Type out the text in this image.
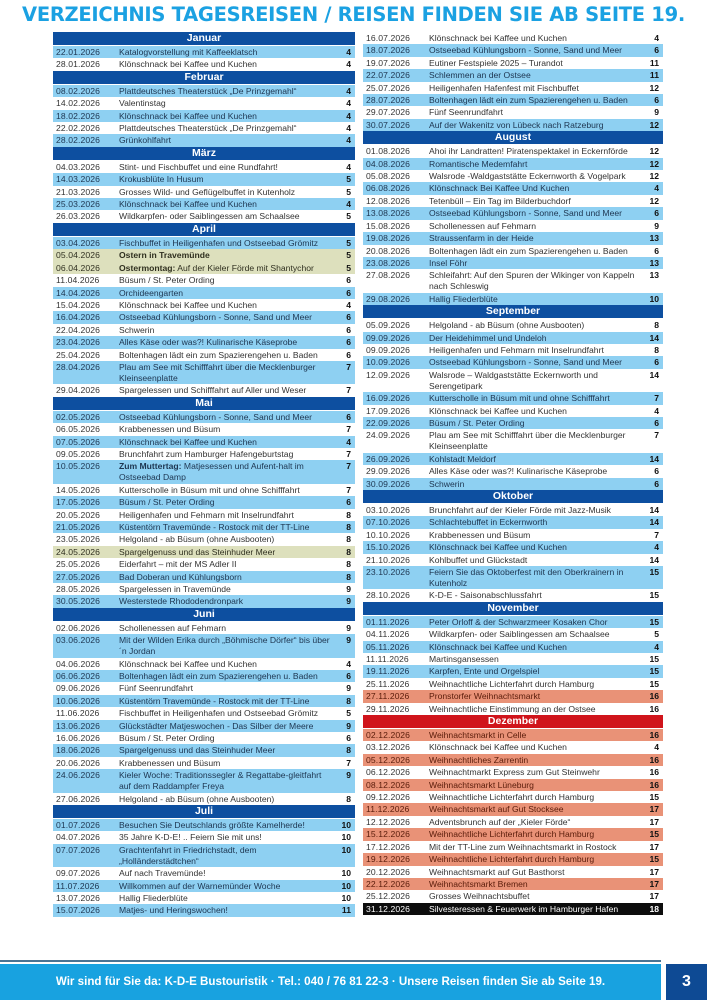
VERZEICHNIS TAGESREISEN / REISEN FINDEN SIE AB SEITE 19.
Januar
22.01.2026	Katalogvorstellung mit Kaffeeklatsch	4
28.01.2026	Klönschnack bei Kaffee und Kuchen	4
Februar
08.02.2026	Plattdeutsches Theaterstück „De Prinzgemahl“	4
14.02.2026	Valentinstag	4
18.02.2026	Klönschnack bei Kaffee und Kuchen	4
22.02.2026	Plattdeutsches Theaterstück „De Prinzgemahl“	4
28.02.2026	Grünkohlfahrt	4
März
04.03.2026	Stint- und Fischbuffet und eine Rundfahrt!	4
14.03.2026	Krokusblüte In Husum	5
21.03.2026	Grosses Wild- und Geflügelbuffet in Kutenholz	5
25.03.2026	Klönschnack bei Kaffee und Kuchen	4
26.03.2026	Wildkarpfen- oder Saiblingessen am Schaalsee	5
April
03.04.2026	Fischbuffet in Heiligenhafen und Ostseebad Grömitz	5
05.04.2026	Ostern in Travemünde	5
06.04.2026	Ostermontag: Auf der Kieler Förde mit Shantychor	5
11.04.2026	Büsum / St. Peter Ording	6
14.04.2026	Orchideengarten	6
15.04.2026	Klönschnack bei Kaffee und Kuchen	4
16.04.2026	Ostseebad Kühlungsborn - Sonne, Sand und Meer	6
22.04.2026	Schwerin	6
23.04.2026	Alles Käse oder was?! Kulinarische Käseprobe	6
25.04.2026	Boltenhagen lädt ein zum Spazierengehen u. Baden	6
28.04.2026	Plau am See mit Schifffahrt über die Mecklenburger Kleinseenplatte
7
29.04.2026	Spargelessen und Schifffahrt auf Aller und Weser	7
Mai
02.05.2026	Ostseebad Kühlungsborn - Sonne, Sand und Meer	6
06.05.2026	Krabbenessen und Büsum	7
07.05.2026	Klönschnack bei Kaffee und Kuchen	4
09.05.2026	Brunchfahrt zum Hamburger Hafengeburtstag	7
10.05.2026	Zum Muttertag: Matjesessen und Aufent-halt im Ostseebad Damp
7
14.05.2026	Kutterscholle in Büsum mit und ohne Schifffahrt	7
17.05.2026	Büsum / St. Peter Ording	6
20.05.2026	Heiligenhafen und Fehmarn mit Inselrundfahrt	8
21.05.2026	Küstentörn Travemünde - Rostock mit der TT-Line	8
23.05.2026	Helgoland - ab Büsum (ohne Ausbooten)	8
24.05.2026	Spargelgenuss und das Steinhuder Meer	8
25.05.2026	Eiderfahrt – mit der MS Adler II	8
27.05.2026	Bad Doberan und Kühlungsborn	8
28.05.2026	Spargelessen in Travemünde	9
30.05.2026	Westerstede Rhododendronpark	9
Juni
02.06.2026	Schollenessen auf Fehmarn	9
03.06.2026	Mit der Wilden Erika durch „Böhmische Dörfer“ bis über´n Jordan
9
04.06.2026	Klönschnack bei Kaffee und Kuchen	4
06.06.2026	Boltenhagen lädt ein zum Spazierengehen u. Baden	6
09.06.2026	Fünf Seenrundfahrt	9
10.06.2026	Küstentörn Travemünde - Rostock mit der TT-Line	8
11.06.2026	Fischbuffet in Heiligenhafen und Ostseebad Grömitz	5
13.06.2026	Glückstädter Matjeswochen - Das Silber der Meere	9
16.06.2026	Büsum / St. Peter Ording	6
18.06.2026	Spargelgenuss und das Steinhuder Meer	8
20.06.2026	Krabbenessen und Büsum	7
24.06.2026	Kieler Woche: Traditionssegler & Regattabe-gleitfahrt auf dem Raddampfer Freya
9
27.06.2026	Helgoland - ab Büsum (ohne Ausbooten)	8
Juli
01.07.2026	Besuchen Sie Deutschlands größte Kamelherde!	10
04.07.2026	35 Jahre K-D-E! .. Feiern Sie mit uns!	10
07.07.2026	Grachtenfahrt in Friedrichstadt, dem „Holländerstädtchen“
10
09.07.2026	Auf nach Travemünde!	10
11.07.2026	Willkommen auf der Warnemünder Woche	10
13.07.2026	Hallig Fliederblüte	10
15.07.2026	Matjes- und Heringswochen!	11
16.07.2026	Klönschnack bei Kaffee und Kuchen	4
18.07.2026	Ostseebad Kühlungsborn - Sonne, Sand und Meer	6
19.07.2026	Eutiner Festspiele 2025 – Turandot	11
22.07.2026	Schlemmen an der Ostsee	11
25.07.2026	Heiligenhafen Hafenfest mit Fischbuffet	12
28.07.2026	Boltenhagen lädt ein zum Spazierengehen u. Baden	6
29.07.2026	Fünf Seenrundfahrt	9
30.07.2026	Auf der Wakenitz von Lübeck nach Ratzeburg	12
August
01.08.2026	Ahoi ihr Landratten! Piratenspektakel in Eckernförde	12
04.08.2026	Romantische Medemfahrt	12
05.08.2026	Walsrode -Waldgaststätte Eckernworth & Vogelpark	12
06.08.2026	Klönschnack Bei Kaffee Und Kuchen	4
12.08.2026	Tetenbüll – Ein Tag im Bilderbuchdorf	12
13.08.2026	Ostseebad Kühlungsborn - Sonne, Sand und Meer	6
15.08.2026	Schollenessen auf Fehmarn	9
19.08.2026	Straussenfarm in der Heide	13
20.08.2026	Boltenhagen lädt ein zum Spazierengehen u. Baden	6
23.08.2026	Insel Föhr	13
27.08.2026	Schleifahrt: Auf den Spuren der Wikinger von Kappeln nach Schleswig
13
29.08.2026	Hallig Fliederblüte	10
September
05.09.2026	Helgoland - ab Büsum (ohne Ausbooten)	8
09.09.2026	Der Heidehimmel und Undeloh	14
09.09.2026	Heiligenhafen und Fehmarn mit Inselrundfahrt	8
10.09.2026	Ostseebad Kühlungsborn - Sonne, Sand und Meer	6
12.09.2026	Walsrode – Waldgaststätte Eckernworth und Serengetipark
14
16.09.2026	Kutterscholle in Büsum mit und ohne Schifffahrt	7
17.09.2026	Klönschnack bei Kaffee und Kuchen	4
22.09.2026	Büsum / St. Peter Ording	6
24.09.2026	Plau am See mit Schifffahrt über die Mecklenburger Kleinseenplatte
7
26.09.2026	Kohlstadt Meldorf	14
29.09.2026	Alles Käse oder was?! Kulinarische Käseprobe	6
30.09.2026	Schwerin	6
Oktober
03.10.2026	Brunchfahrt auf der Kieler Förde mit Jazz-Musik	14
07.10.2026	Schlachtebuffet in Eckernworth	14
10.10.2026	Krabbenessen und Büsum	7
15.10.2026	Klönschnack bei Kaffee und Kuchen	4
21.10.2026	Kohlbuffet und Glückstadt	14
23.10.2026	Feiern Sie das Oktoberfest mit den Oberkrainern in Kutenholz
15
28.10.2026	K-D-E - Saisonabschlussfahrt	15
November
01.11.2026	Peter Orloff & der Schwarzmeer Kosaken Chor	15
04.11.2026	Wildkarpfen- oder Saiblingessen am Schaalsee	5
05.11.2026	Klönschnack bei Kaffee und Kuchen	4
11.11.2026	Martinsgansessen	15
19.11.2026	Karpfen, Ente und Orgelspiel	15
25.11.2026	Weihnachtliche Lichterfahrt durch Hamburg	15
27.11.2026	Pronstorfer Weihnachtsmarkt	16
29.11.2026	Weihnachtliche Einstimmung an der Ostsee	16
Dezember
02.12.2026	Weihnachtsmarkt in Celle	16
03.12.2026	Klönschnack bei Kaffee und Kuchen	4
05.12.2026	Weihnachtliches Zarrentin	16
06.12.2026	Weihnachtmarkt Express zum Gut Steinwehr	16
08.12.2026	Weihnachtsmarkt Lüneburg	16
09.12.2026	Weihnachtliche Lichterfahrt durch Hamburg	15
11.12.2026	Weihnachtsmarkt auf Gut Stocksee	17
12.12.2026	Adventsbrunch auf der „Kieler Förde“	17
15.12.2026	Weihnachtliche Lichterfahrt durch Hamburg	15
17.12.2026	Mit der TT-Line zum Weihnachtsmarkt in Rostock	17
19.12.2026	Weihnachtliche Lichterfahrt durch Hamburg	15
20.12.2026	Weihnachtsmarkt auf Gut Basthorst	17
22.12.2026	Weihnachtsmarkt Bremen	17
25.12.2026	Grosses Weihnachtsbuffet	17
31.12.2026	Silvesteressen & Feuerwerk im Hamburger Hafen	18
Wir sind für Sie da: K-D-E Bustouristik · Tel.: 040 / 76 81 22-3 · Unsere Reisen finden Sie ab Seite 19.	3
